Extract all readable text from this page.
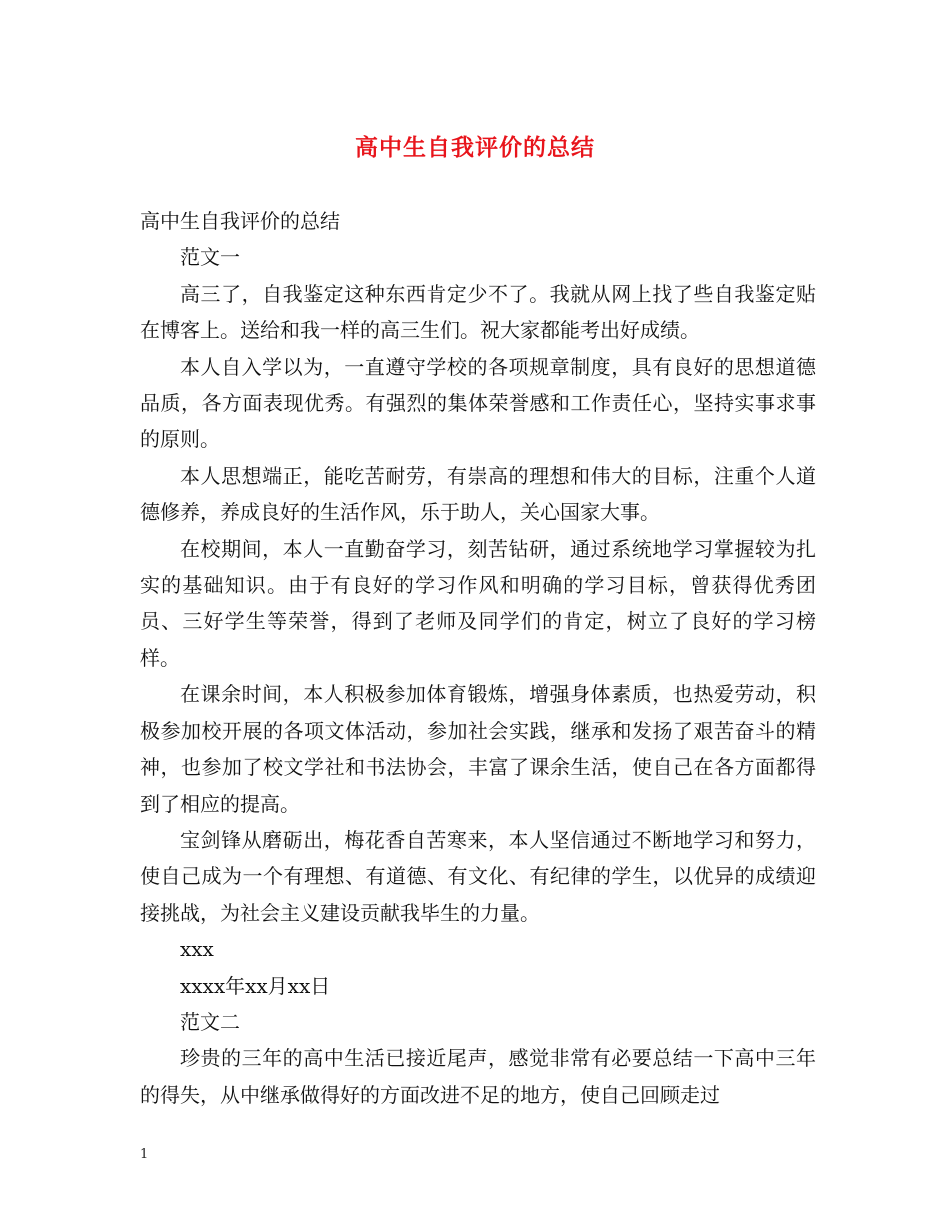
高中生自我评价的总结

高中生自我评价的总结

范文一

高三了，自我鉴定这种东西肯定少不了。我就从网上找了些自我鉴定贴在博客上。送给和我一样的高三生们。祝大家都能考出好成绩。

本人自入学以为，一直遵守学校的各项规章制度，具有良好的思想道德品质，各方面表现优秀。有强烈的集体荣誉感和工作责任心，坚持实事求事的原则。

本人思想端正，能吃苦耐劳，有崇高的理想和伟大的目标，注重个人道德修养，养成良好的生活作风，乐于助人，关心国家大事。

在校期间，本人一直勤奋学习，刻苦钻研，通过系统地学习掌握较为扎实的基础知识。由于有良好的学习作风和明确的学习目标，曾获得优秀团员、三好学生等荣誉，得到了老师及同学们的肯定，树立了良好的学习榜样。

在课余时间，本人积极参加体育锻炼，增强身体素质，也热爱劳动，积极参加校开展的各项文体活动，参加社会实践，继承和发扬了艰苦奋斗的精神，也参加了校文学社和书法协会，丰富了课余生活，使自己在各方面都得到了相应的提高。

宝剑锋从磨砺出，梅花香自苦寒来，本人坚信通过不断地学习和努力，使自己成为一个有理想、有道德、有文化、有纪律的学生，以优异的成绩迎接挑战，为社会主义建设贡献我毕生的力量。

xxx

xxxx年xx月xx日

范文二

珍贵的三年的高中生活已接近尾声，感觉非常有必要总结一下高中三年的得失，从中继承做得好的方面改进不足的地方，使自己回顾走过

1
